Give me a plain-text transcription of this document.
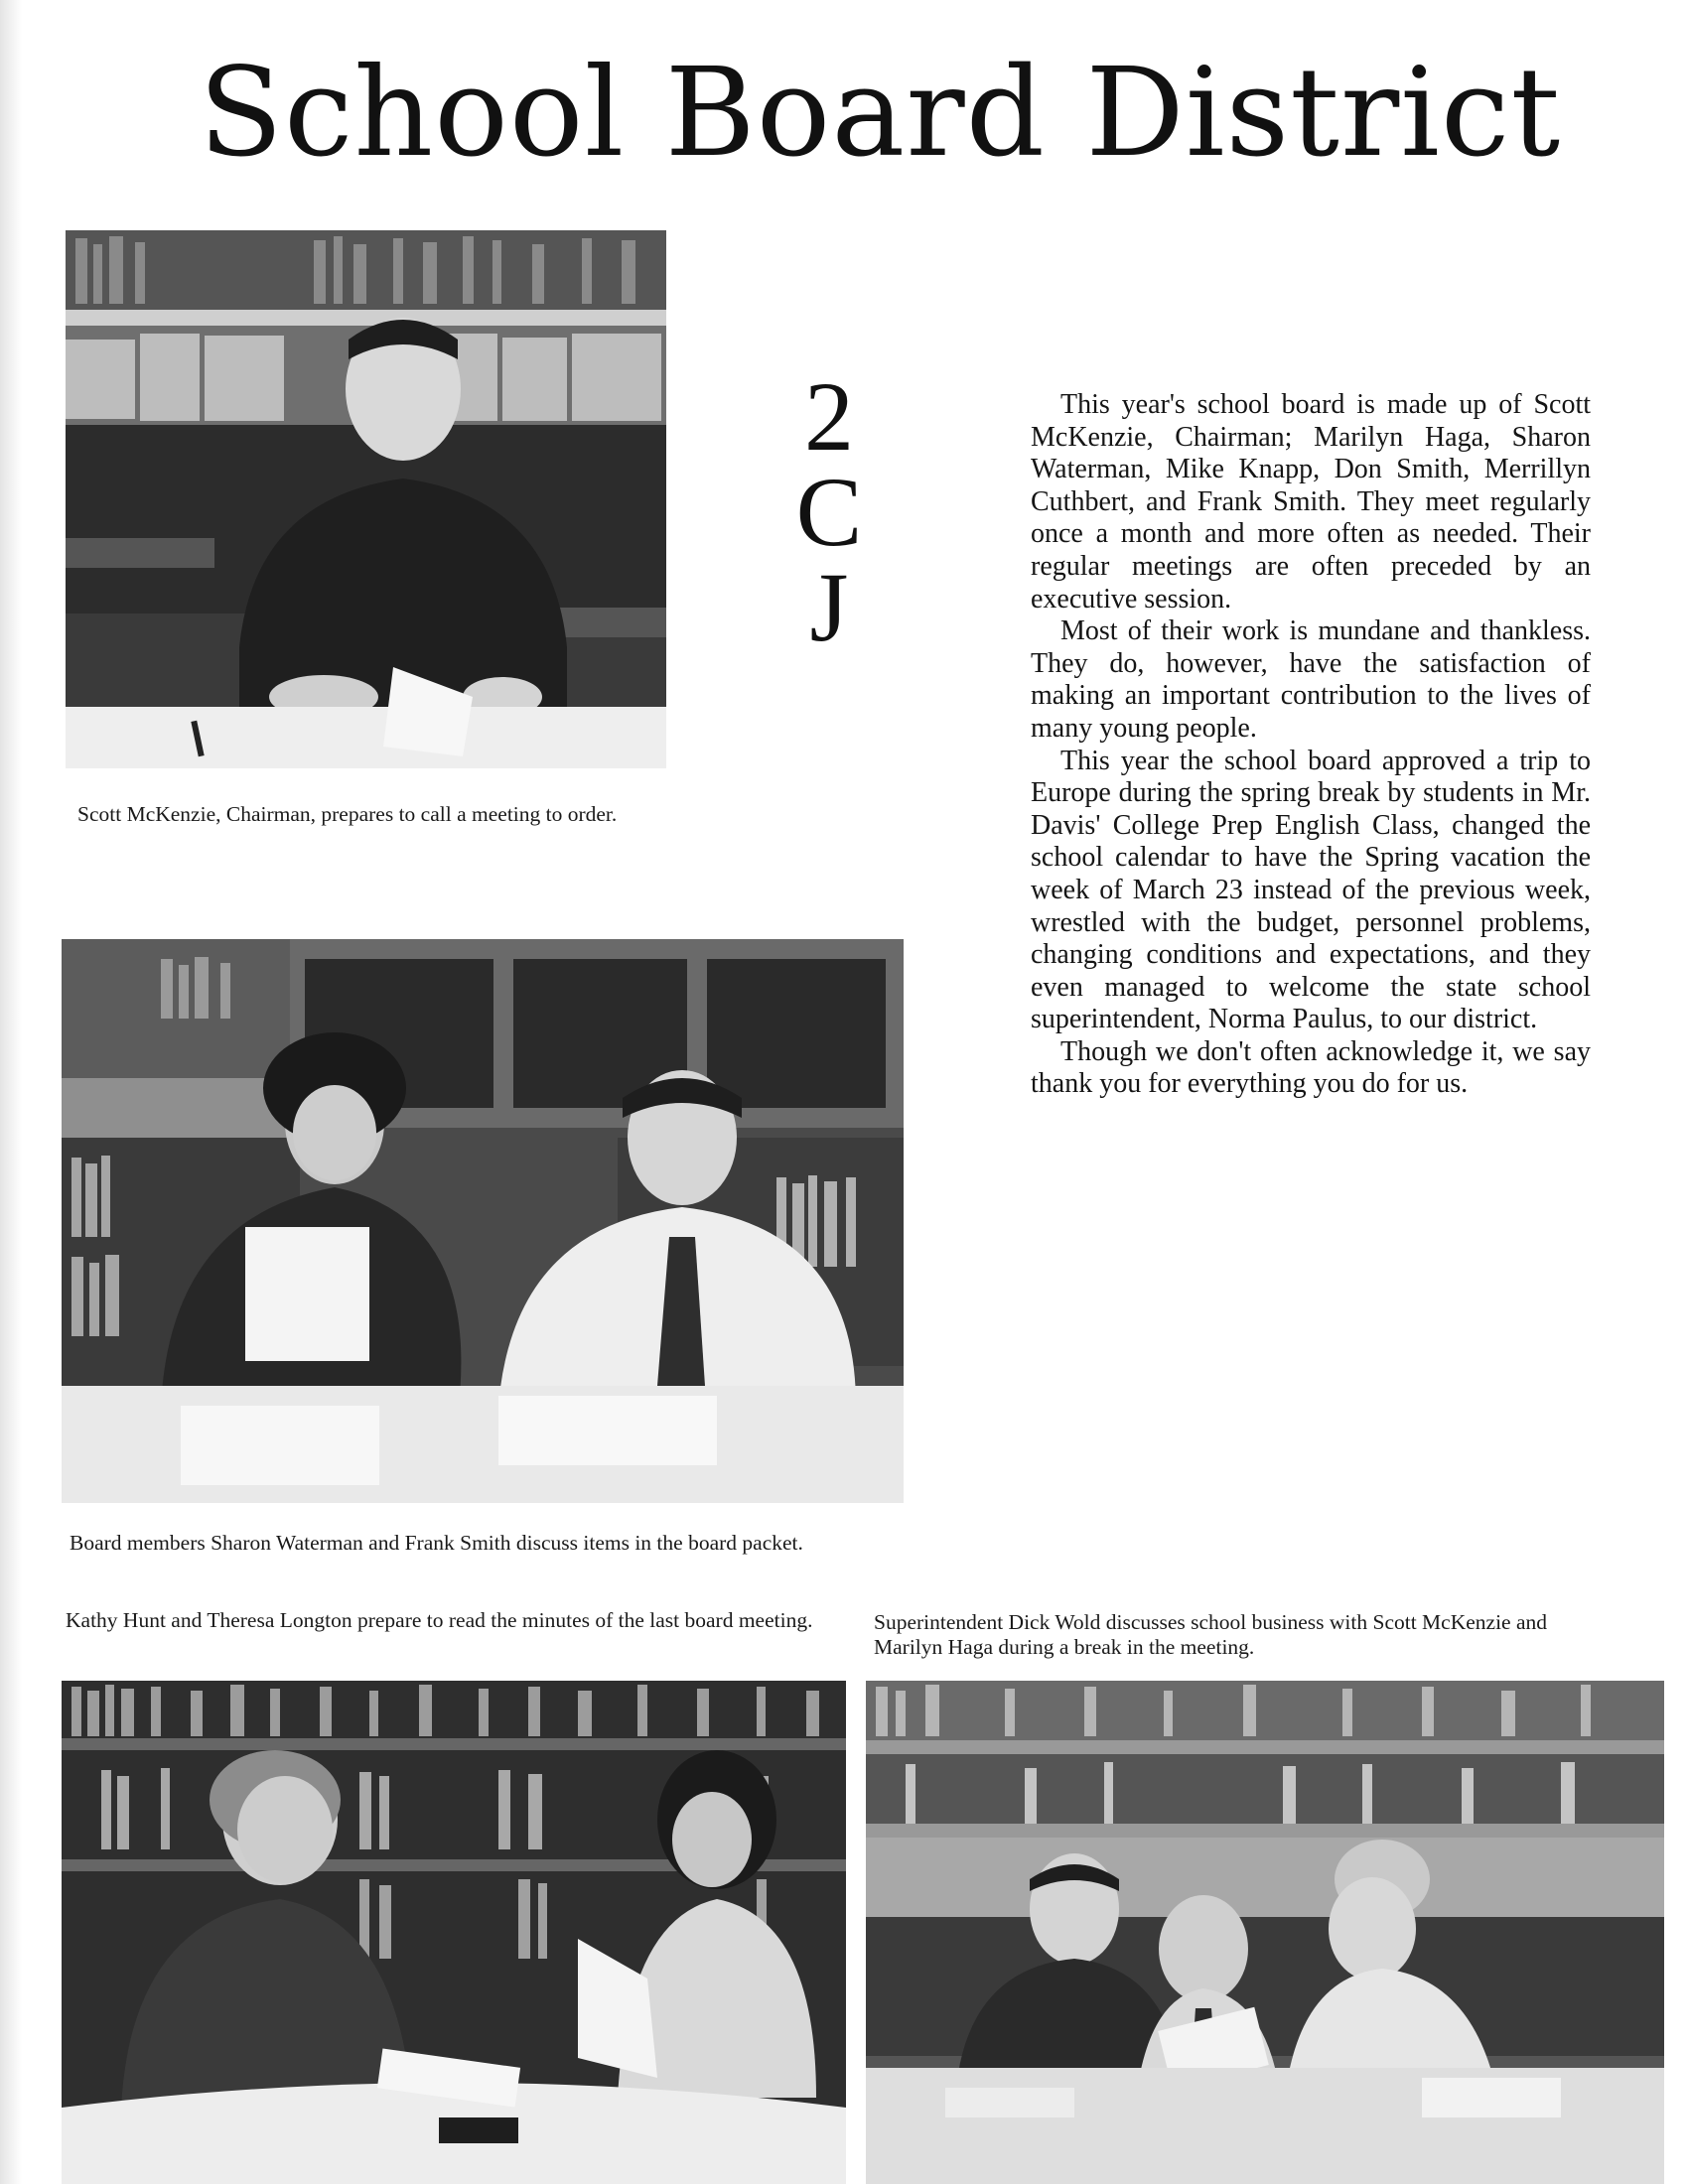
School Board District
Scott McKenzie, Chairman, prepares to call a meeting to order.
2
C
J

This year's school board is made up of Scott McKenzie, Chairman; Marilyn Haga, Sharon Waterman, Mike Knapp, Don Smith, Merrillyn Cuthbert, and Frank Smith. They meet regularly once a month and more often as needed. Their regular meetings are often preceded by an executive session.

Most of their work is mundane and thankless. They do, however, have the satisfaction of making an important contribution to the lives of many young people.

This year the school board approved a trip to Europe during the spring break by students in Mr. Davis' College Prep English Class, changed the school calendar to have the Spring vacation the week of March 23 instead of the previous week, wrestled with the budget, personnel problems, changing conditions and expectations, and they even managed to welcome the state school superintendent, Norma Paulus, to our district.

Though we don't often acknowledge it, we say thank you for everything you do for us.

Board members Sharon Waterman and Frank Smith discuss items in the board packet.
Kathy Hunt and Theresa Longton prepare to read the minutes of the last board meeting.	Superintendent Dick Wold discusses school business with Scott McKenzie and Marilyn Haga during a break in the meeting.
